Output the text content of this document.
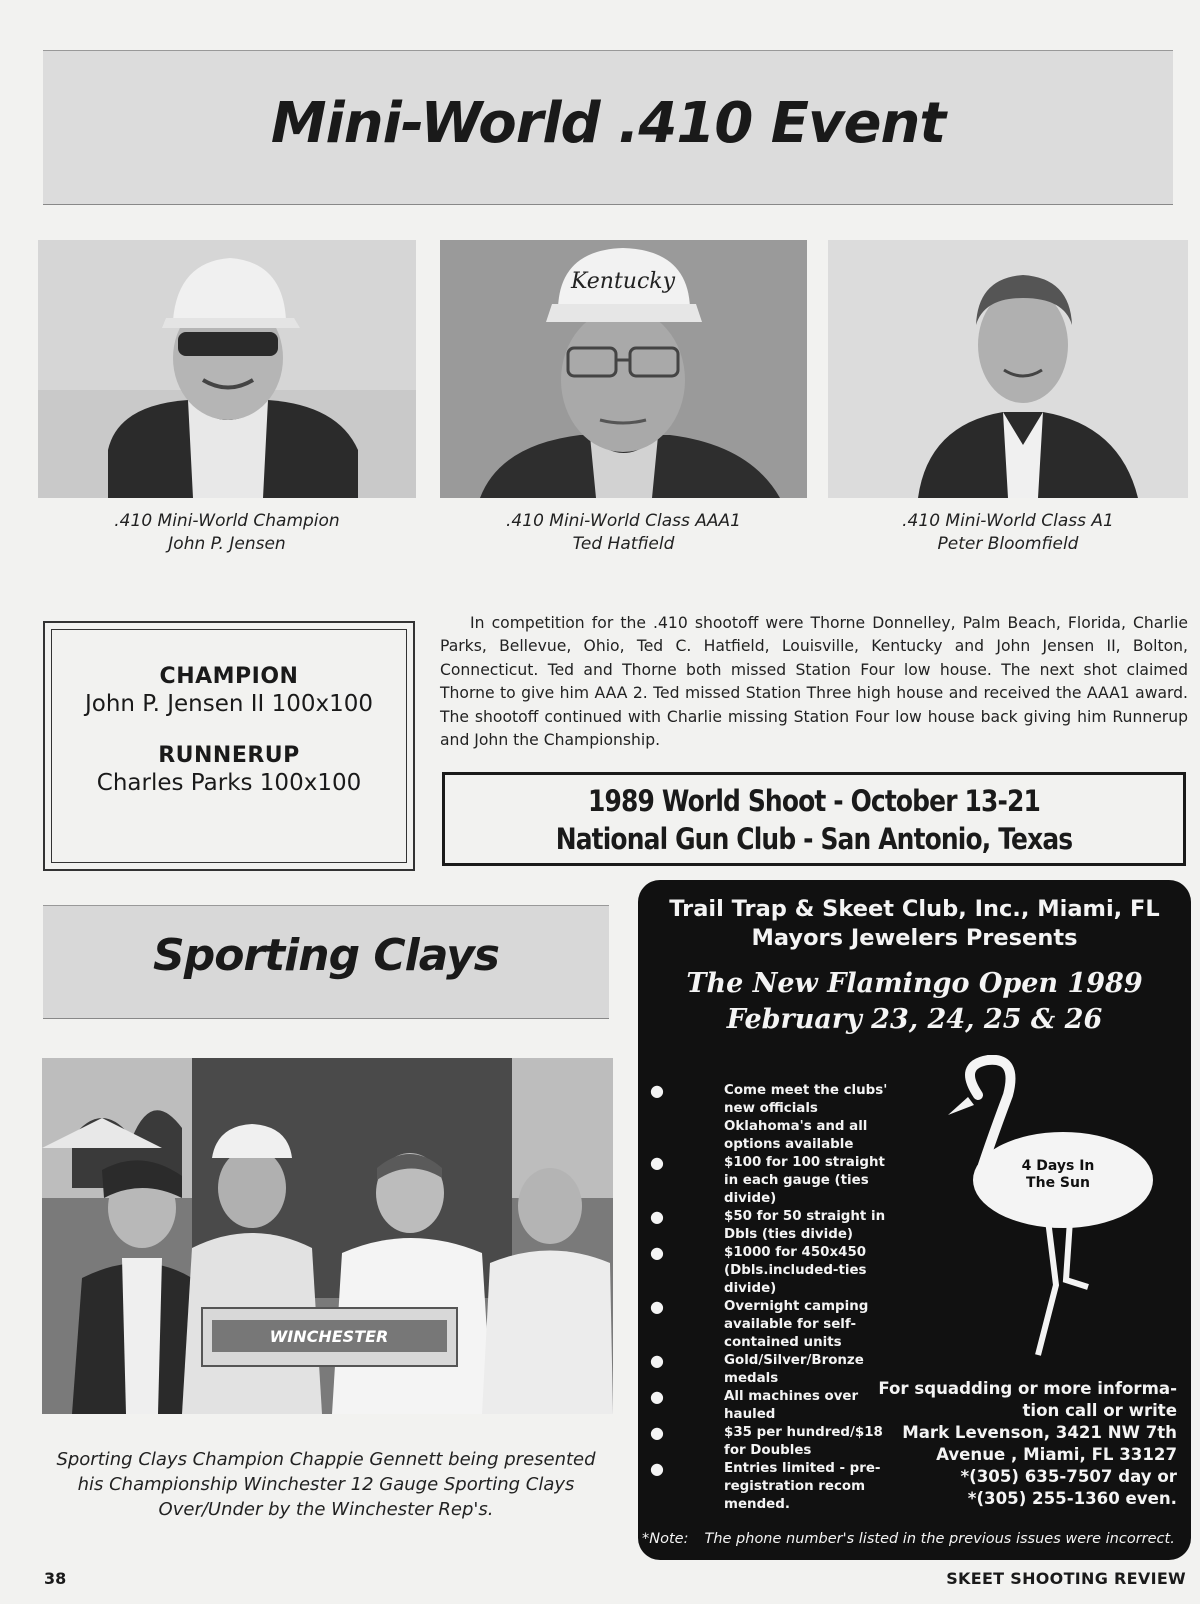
Mini-World .410 Event
.410 Mini-World Champion
John P. Jensen
Kentucky
.410 Mini-World Class AAA1
Ted Hatfield
.410 Mini-World Class A1
Peter Bloomfield
CHAMPION
John P. Jensen II 100x100
RUNNERUP
Charles Parks 100x100
In competition for the .410 shootoff were Thorne Donnelley, Palm Beach, Florida, Charlie Parks, Bellevue, Ohio, Ted C. Hatfield, Louisville, Kentucky and John Jensen II, Bolton, Connecticut. Ted and Thorne both missed Station Four low house. The next shot claimed Thorne to give him AAA 2. Ted missed Station Three high house and received the AAA1 award. The shootoff continued with Charlie missing Station Four low house back giving him Runnerup and John the Championship.
1989 World Shoot - October 13-21
National Gun Club - San Antonio, Texas
Sporting Clays
WINCHESTER
Sporting Clays Champion Chappie Gennett being presented his Championship Winchester 12 Gauge Sporting Clays Over/Under by the Winchester Rep's.
Trail Trap & Skeet Club, Inc., Miami, FL
Mayors Jewelers Presents
The New Flamingo Open 1989
February 23, 24, 25 & 26
●	Come meet the clubs' new officials Oklahoma's and all options available
●	$100 for 100 straight in each gauge (ties divide)
●	$50 for 50 straight in Dbls (ties divide)
●	$1000 for 450x450 (Dbls.included-ties divide)
●	Overnight camping available for self-contained units
●	Gold/Silver/Bronze medals
●	All machines over hauled
●	$35 per hundred/$18 for Doubles
●	Entries limited - pre-registration recom mended.
4 Days In
The Sun
For squadding or more informa-
tion call or write
Mark Levenson, 3421 NW 7th
Avenue , Miami, FL 33127
*(305) 635-7507 day or
*(305) 255-1360 even.
*Note: The phone number's listed in the previous issues were incorrect.
38	SKEET SHOOTING REVIEW
